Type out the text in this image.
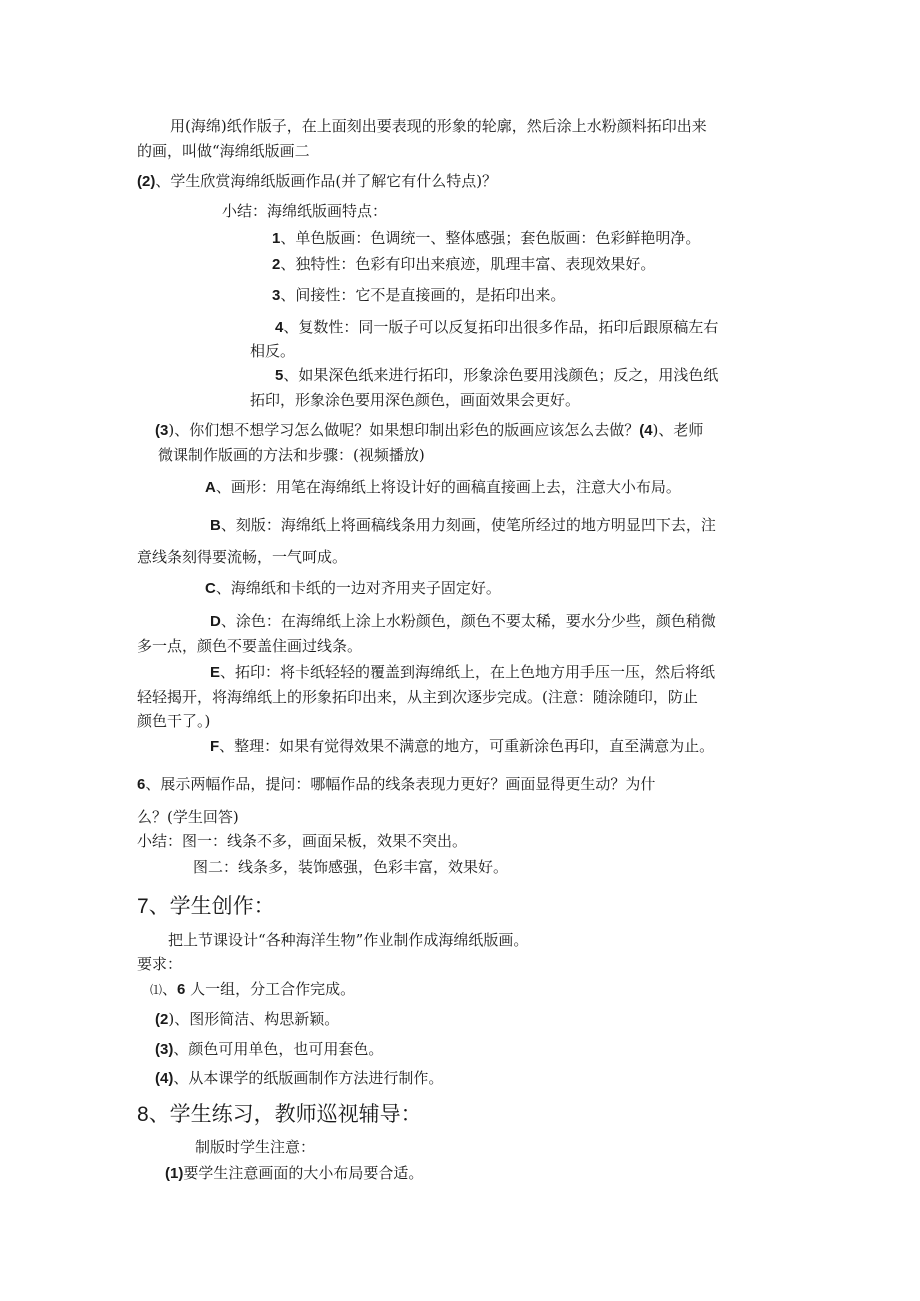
用(海绵)纸作版子，在上面刻出要表现的形象的轮廓，然后涂上水粉颜料拓印出来
的画，叫做“海绵纸版画二
(2)、学生欣赏海绵纸版画作品(并了解它有什么特点)？
小结：海绵纸版画特点：
1、单色版画：色调统一、整体感强；套色版画：色彩鲜艳明净。
2、独特性：色彩有印出来痕迹，肌理丰富、表现效果好。
3、间接性：它不是直接画的，是拓印出来。
4、复数性：同一版子可以反复拓印出很多作品，拓印后跟原稿左右
相反。
5、如果深色纸来进行拓印，形象涂色要用浅颜色；反之，用浅色纸
拓印，形象涂色要用深色颜色，画面效果会更好。
(3)、你们想不想学习怎么做呢？如果想印制出彩色的版画应该怎么去做？(4)、老师
微课制作版画的方法和步骤：(视频播放)
A、画形：用笔在海绵纸上将设计好的画稿直接画上去，注意大小布局。
B、刻版：海绵纸上将画稿线条用力刻画，使笔所经过的地方明显凹下去，注
意线条刻得要流畅，一气呵成。
C、海绵纸和卡纸的一边对齐用夹子固定好。
D、涂色：在海绵纸上涂上水粉颜色，颜色不要太稀，要水分少些，颜色稍微
多一点，颜色不要盖住画过线条。
E、拓印：将卡纸轻轻的覆盖到海绵纸上，在上色地方用手压一压，然后将纸
轻轻揭开，将海绵纸上的形象拓印出来，从主到次逐步完成。(注意：随涂随印，防止
颜色干了。)
F、整理：如果有觉得效果不满意的地方，可重新涂色再印，直至满意为止。
6、展示两幅作品，提问：哪幅作品的线条表现力更好？画面显得更生动？为什
么？(学生回答)
小结：图一：线条不多，画面呆板，效果不突出。
图二：线条多，装饰感强，色彩丰富，效果好。
7、学生创作：
把上节课设计“各种海洋生物”作业制作成海绵纸版画。
要求：
⑴、6 人一组，分工合作完成。
(2)、图形简洁、构思新颖。
(3)、颜色可用单色，也可用套色。
(4)、从本课学的纸版画制作方法进行制作。
8、学生练习，教师巡视辅导：
制版时学生注意：
(1)要学生注意画面的大小布局要合适。
